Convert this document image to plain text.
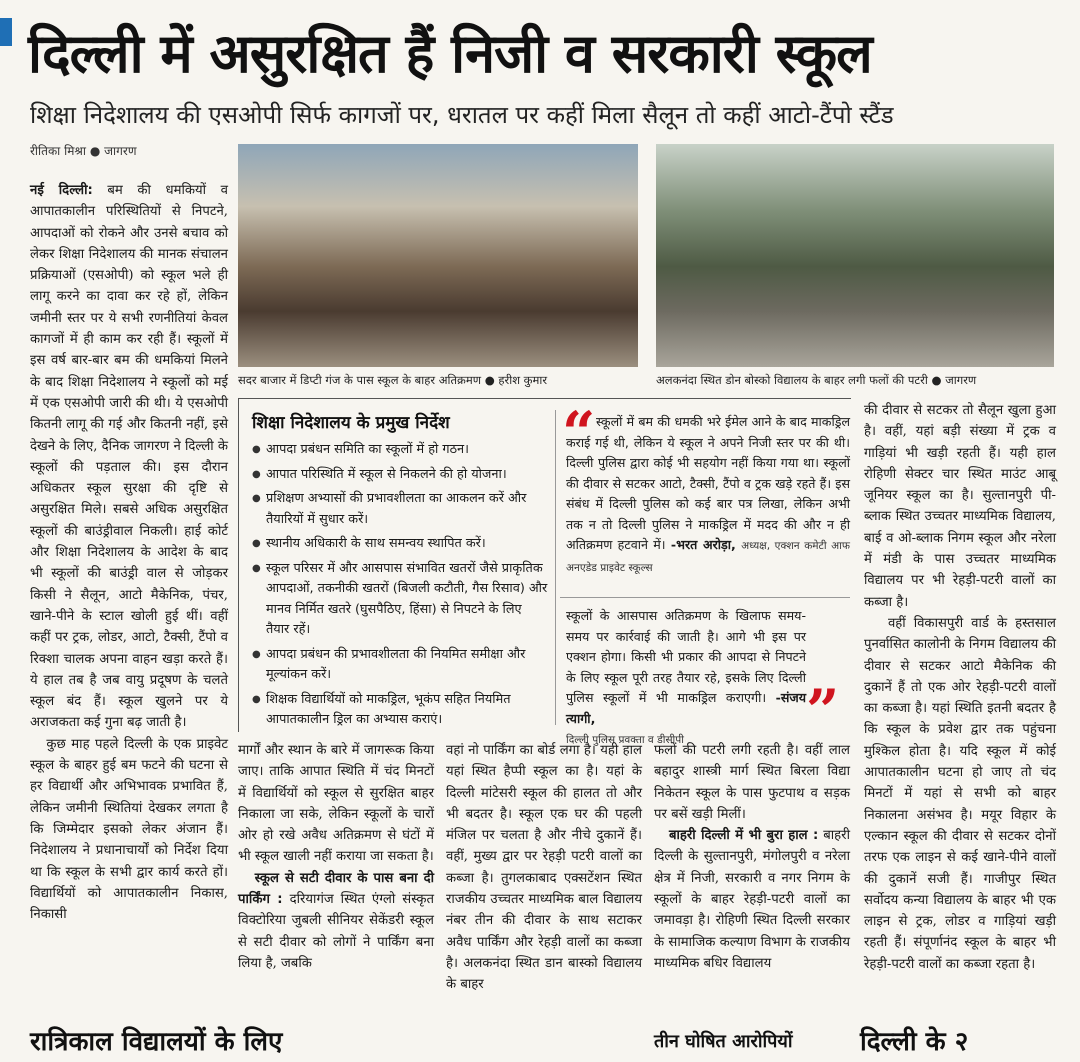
दिल्ली में असुरक्षित हैं निजी व सरकारी स्कूल
शिक्षा निदेशालय की एसओपी सिर्फ कागजों पर, धरातल पर कहीं मिला सैलून तो कहीं आटो-टैंपो स्टैंड
रीतिका मिश्रा ● जागरण
नई दिल्ली: बम की धमकियों व आपातकालीन परिस्थितियों से निपटने, आपदाओं को रोकने और उनसे बचाव को लेकर शिक्षा निदेशालय की मानक संचालन प्रक्रियाओं (एसओपी) को स्कूल भले ही लागू करने का दावा कर रहे हों, लेकिन जमीनी स्तर पर ये सभी रणनीतियां केवल कागजों में ही काम कर रही हैं। स्कूलों में इस वर्ष बार-बार बम की धमकियां मिलने के बाद शिक्षा निदेशालय ने स्कूलों को मई में एक एसओपी जारी की थी। ये एसओपी कितनी लागू की गई और कितनी नहीं, इसे देखने के लिए, दैनिक जागरण ने दिल्ली के स्कूलों की पड़ताल की। इस दौरान अधिकतर स्कूल सुरक्षा की दृष्टि से असुरक्षित मिले। सबसे अधिक असुरक्षित स्कूलों की बाउंड्रीवाल निकली। हाई कोर्ट और शिक्षा निदेशालय के आदेश के बाद भी स्कूलों की बाउंड्री वाल से जोड़कर किसी ने सैलून, आटो मैकेनिक, पंचर, खाने-पीने के स्टाल खोली हुई थीं। वहीं कहीं पर ट्रक, लोडर, आटो, टैक्सी, टैंपो व रिक्शा चालक अपना वाहन खड़ा करते हैं। ये हाल तब है जब वायु प्रदूषण के चलते स्कूल बंद हैं। स्कूल खुलने पर ये अराजकता कई गुना बढ़ जाती है।
कुछ माह पहले दिल्ली के एक प्राइवेट स्कूल के बाहर हुई बम फटने की घटना से हर विद्यार्थी और अभिभावक प्रभावित हैं, लेकिन जमीनी स्थितियां देखकर लगता है कि जिम्मेदार इसको लेकर अंजान हैं। निदेशालय ने प्रधानाचार्यों को निर्देश दिया था कि स्कूल के सभी द्वार कार्य करते हों। विद्यार्थियों को आपातकालीन निकास, निकासी
सदर बाजार में डिप्टी गंज के पास स्कूल के बाहर अतिक्रमण ● हरीश कुमार	अलकनंदा स्थित डोन बोस्को विद्यालय के बाहर लगी फलों की पटरी ● जागरण
शिक्षा निदेशालय के प्रमुख निर्देश
● आपदा प्रबंधन समिति का स्कूलों में हो गठन।
● आपात परिस्थिति में स्कूल से निकलने की हो योजना।
● प्रशिक्षण अभ्यासों की प्रभावशीलता का आकलन करें और तैयारियों में सुधार करें।
● स्थानीय अधिकारी के साथ समन्वय स्थापित करें।
● स्कूल परिसर में और आसपास संभावित खतरों जैसे प्राकृतिक आपदाओं, तकनीकी खतरों (बिजली कटौती, गैस रिसाव) और मानव निर्मित खतरे (घुसपैठिए, हिंसा) से निपटने के लिए तैयार रहें।
● आपदा प्रबंधन की प्रभावशीलता की नियमित समीक्षा और मूल्यांकन करें।
● शिक्षक विद्यार्थियों को माकड्रिल, भूकंप सहित नियमित आपातकालीन ड्रिल का अभ्यास कराएं।
“ स्कूलों में बम की धमकी भरे ईमेल आने के बाद माकड्रिल कराई गई थी, लेकिन ये स्कूल ने अपने निजी स्तर पर की थी। दिल्ली पुलिस द्वारा कोई भी सहयोग नहीं किया गया था। स्कूलों की दीवार से सटकर आटो, टैक्सी, टैंपो व ट्रक खड़े रहते हैं। इस संबंध में दिल्ली पुलिस को कई बार पत्र लिखा, लेकिन अभी तक न तो दिल्ली पुलिस ने माकड्रिल में मदद की और न ही अतिक्रमण हटवाने में। -भरत अरोड़ा, अध्यक्ष, एक्शन कमेटी आफ अनएडेड प्राइवेट स्कूल्स
स्कूलों के आसपास अतिक्रमण के खिलाफ समय-समय पर कार्रवाई की जाती है। आगे भी इस पर एक्शन होगा। किसी भी प्रकार की आपदा से निपटने के लिए स्कूल पूरी तरह तैयार रहे, इसके लिए दिल्ली पुलिस स्कूलों में भी माकड्रिल कराएगी। -संजय त्यागी,
दिल्ली पुलिस प्रवक्ता व डीसीपी	”
मार्गों और स्थान के बारे में जागरूक किया जाए। ताकि आपात स्थिति में चंद मिनटों में विद्यार्थियों को स्कूल से सुरक्षित बाहर निकाला जा सके, लेकिन स्कूलों के चारों ओर हो रखे अवैध अतिक्रमण से घंटों में भी स्कूल खाली नहीं कराया जा सकता है।
स्कूल से सटी दीवार के पास बना दी पार्किंग : दरियागंज स्थित एंग्लो संस्कृत विक्टोरिया जुबली सीनियर सेकेंडरी स्कूल से सटी दीवार को लोगों ने पार्किंग बना लिया है, जबकि
वहां नो पार्किंग का बोर्ड लगा है। यही हाल यहां स्थित हैप्पी स्कूल का है। यहां के दिल्ली मांटेसरी स्कूल की हालत तो और भी बदतर है। स्कूल एक घर की पहली मंजिल पर चलता है और नीचे दुकानें हैं। वहीं, मुख्य द्वार पर रेहड़ी पटरी वालों का कब्जा है। तुगलकाबाद एक्सटेंशन स्थित राजकीय उच्चतर माध्यमिक बाल विद्यालय नंबर तीन की दीवार के साथ सटाकर अवैध पार्किंग और रेहड़ी वालों का कब्जा है। अलकनंदा स्थित डान बास्को विद्यालय के बाहर
फलों की पटरी लगी रहती है। वहीं लाल बहादुर शास्त्री मार्ग स्थित बिरला विद्या निकेतन स्कूल के पास फुटपाथ व सड़क पर बसें खड़ी मिलीं।
बाहरी दिल्ली में भी बुरा हाल : बाहरी दिल्ली के सुल्तानपुरी, मंगोलपुरी व नरेला क्षेत्र में निजी, सरकारी व नगर निगम के स्कूलों के बाहर रेहड़ी-पटरी वालों का जमावड़ा है। रोहिणी स्थित दिल्ली सरकार के सामाजिक कल्याण विभाग के राजकीय माध्यमिक बधिर विद्यालय
की दीवार से सटकर तो सैलून खुला हुआ है। वहीं, यहां बड़ी संख्या में ट्रक व गाड़ियां भी खड़ी रहती हैं। यही हाल रोहिणी सेक्टर चार स्थित माउंट आबू जूनियर स्कूल का है। सुल्तानपुरी पी-ब्लाक स्थित उच्चतर माध्यमिक विद्यालय, बाई व ओ-ब्लाक निगम स्कूल और नरेला में मंडी के पास उच्चतर माध्यमिक विद्यालय पर भी रेहड़ी-पटरी वालों का कब्जा है।
वहीं विकासपुरी वार्ड के हस्तसाल पुनर्वासित कालोनी के निगम विद्यालय की दीवार से सटकर आटो मैकेनिक की दुकानें हैं तो एक ओर रेहड़ी-पटरी वालों का कब्जा है। यहां स्थिति इतनी बदतर है कि स्कूल के प्रवेश द्वार तक पहुंचना मुश्किल होता है। यदि स्कूल में कोई आपातकालीन घटना हो जाए तो चंद मिनटों में यहां से सभी को बाहर निकालना असंभव है। मयूर विहार के एल्कान स्कूल की दीवार से सटकर दोनों तरफ एक लाइन से कई खाने-पीने वालों की दुकानें सजी हैं। गाजीपुर स्थित सर्वोदय कन्या विद्यालय के बाहर भी एक लाइन से ट्रक, लोडर व गाड़ियां खड़ी रहती हैं। संपूर्णानंद स्कूल के बाहर भी रेहड़ी-पटरी वालों का कब्जा रहता है।
रात्रिकाल विद्यालयों के लिए	तीन घोषित आरोपियों	दिल्ली के २
